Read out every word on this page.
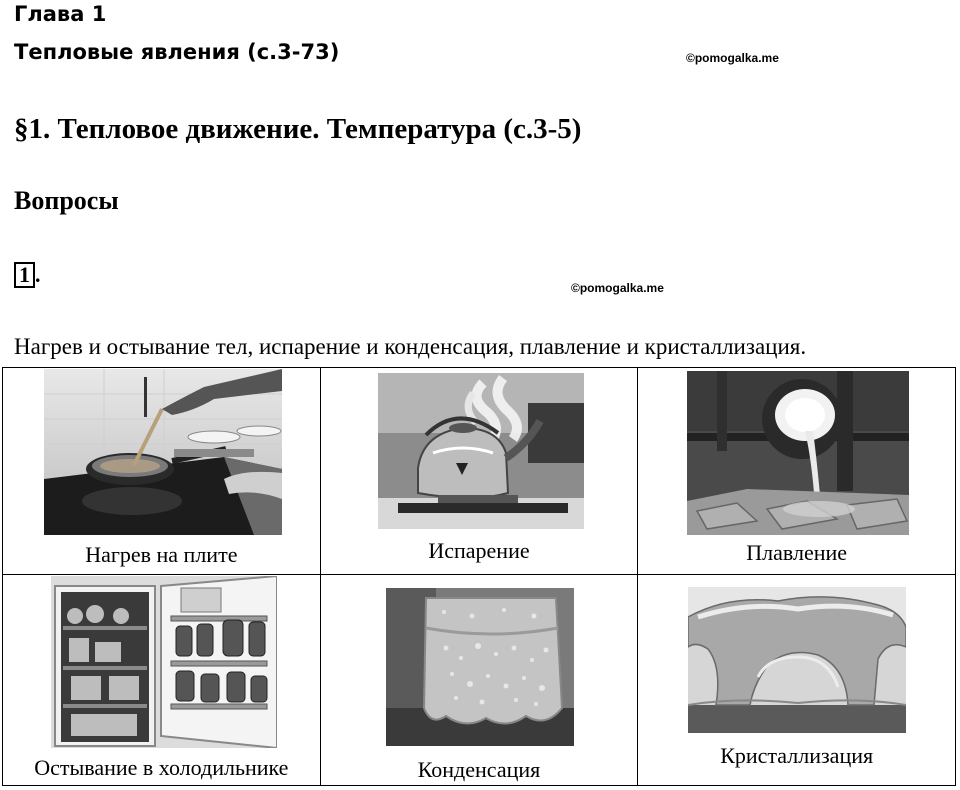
Глава 1
Тепловые явления (с.3-73)	©pomogalka.me
§1. Тепловое движение. Температура (с.3-5)
Вопросы
1 .
©pomogalka.me
Нагрев и остывание тел, испарение и конденсация, плавление и кристаллизация.
Нагрев на плите	Испарение	Плавление

Остывание в холодильнике	Конденсация	Кристаллизация
